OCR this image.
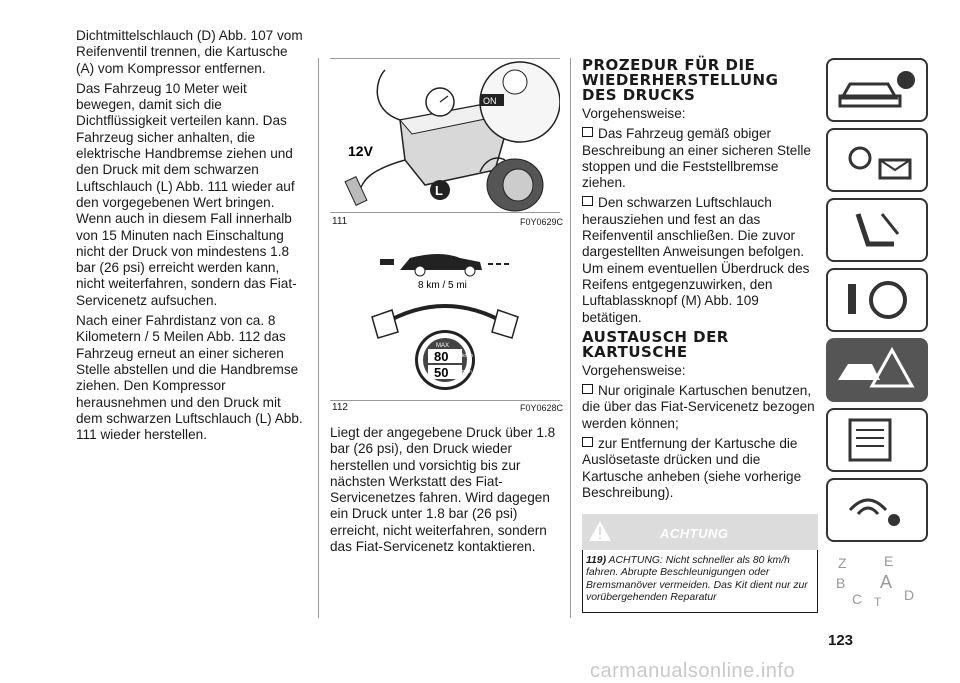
Dichtmittelschlauch (D) Abb. 107 vom Reifenventil trennen, die Kartusche (A) vom Kompressor entfernen.

Das Fahrzeug 10 Meter weit bewegen, damit sich die Dichtflüssigkeit verteilen kann. Das Fahrzeug sicher anhalten, die elektrische Handbremse ziehen und den Druck mit dem schwarzen Luftschlauch (L) Abb. 111 wieder auf den vorgegebenen Wert bringen. Wenn auch in diesem Fall innerhalb von 15 Minuten nach Einschaltung nicht der Druck von mindestens 1.8 bar (26 psi) erreicht werden kann, nicht weiterfahren, sondern das Fiat-Servicenetz aufsuchen.

Nach einer Fahrdistanz von ca. 8 Kilometern / 5 Meilen Abb. 112 das Fahrzeug erneut an einer sicheren Stelle abstellen und die Handbremse ziehen. Den Kompressor herausnehmen und den Druck mit dem schwarzen Luftschlauch (L) Abb. 111 wieder herstellen.

ON
12V
L
111	F0Y0629C
8 km / 5 mi
MAX
80	km/h
50	mph
112	F0Y0628C

Liegt der angegebene Druck über 1.8 bar (26 psi), den Druck wieder herstellen und vorsichtig bis zur nächsten Werkstatt des Fiat-Servicenetzes fahren. Wird dagegen ein Druck unter 1.8 bar (26 psi) erreicht, nicht weiterfahren, sondern das Fiat-Servicenetz kontaktieren.

PROZEDUR FÜR DIE WIEDERHERSTELLUNG DES DRUCKS

Vorgehensweise:

Das Fahrzeug gemäß obiger Beschreibung an einer sicheren Stelle stoppen und die Feststellbremse ziehen.

Den schwarzen Luftschlauch herausziehen und fest an das Reifenventil anschließen. Die zuvor dargestellten Anweisungen befolgen. Um einem eventuellen Überdruck des Reifens entgegenzuwirken, den Luftablassknopf (M) Abb. 109 betätigen.

AUSTAUSCH DER KARTUSCHE

Vorgehensweise:

Nur originale Kartuschen benutzen, die über das Fiat-Servicenetz bezogen werden können;

zur Entfernung der Kartusche die Auslösetaste drücken und die Kartusche anheben (siehe vorherige Beschreibung).

ACHTUNG
119) ACHTUNG: Nicht schneller als 80 km/h fahren. Abrupte Beschleunigungen oder Bremsmanöver vermeiden. Das Kit dient nur zur vorübergehenden Reparatur
123
carmanualsonline.info
Z	E
B A
C	D
T
